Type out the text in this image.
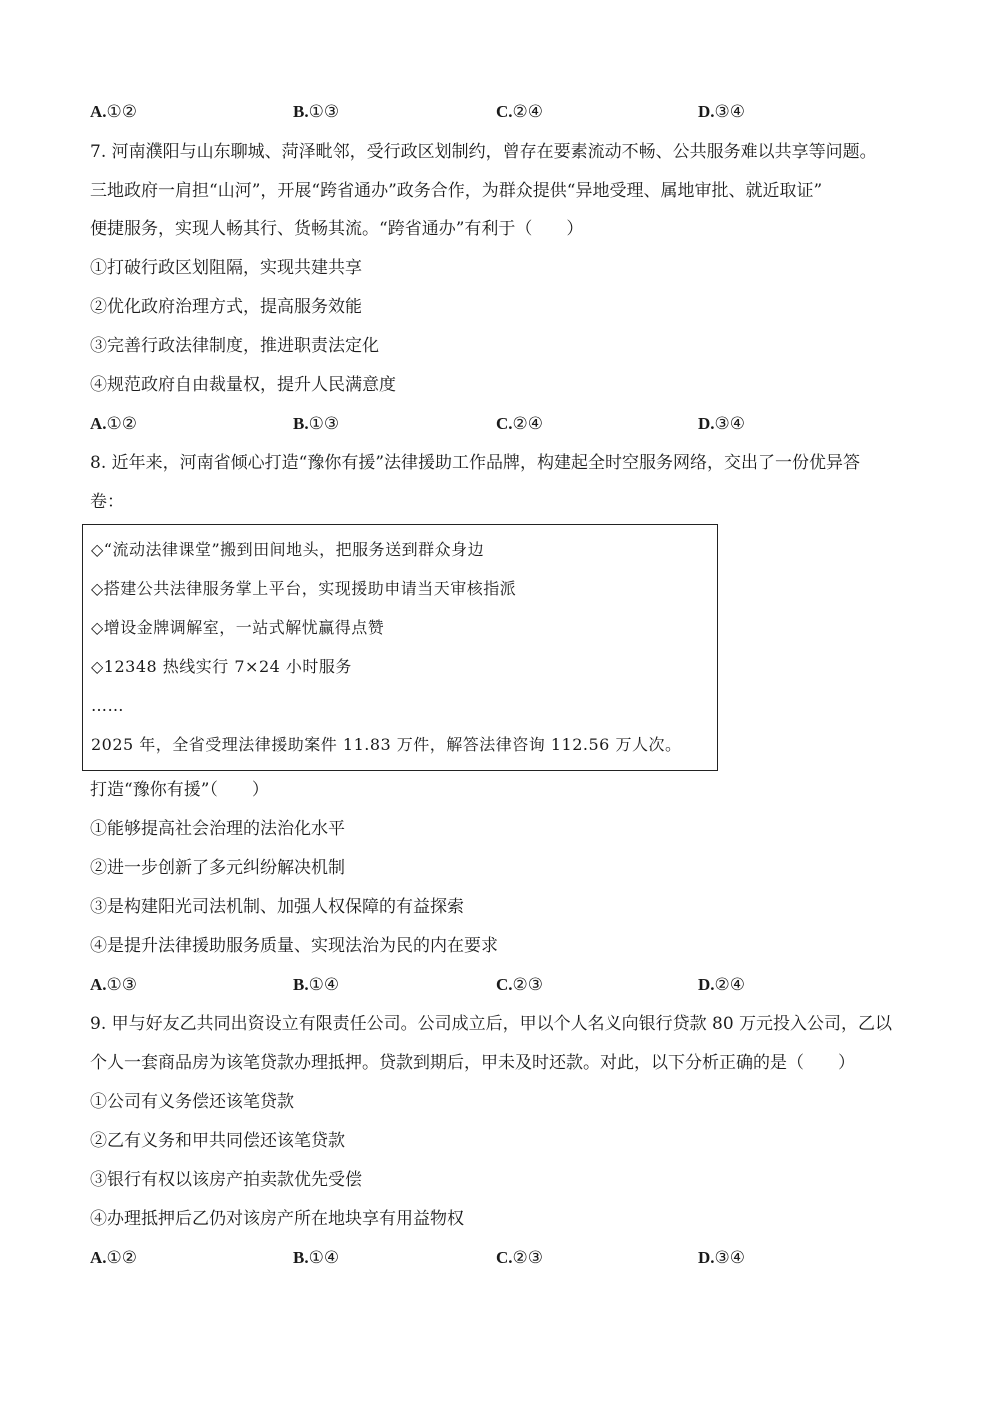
A.①②	B.①③	C.②④	D.③④
7. 河南濮阳与山东聊城、菏泽毗邻，受行政区划制约，曾存在要素流动不畅、公共服务难以共享等问题。
三地政府一肩担“山河”，开展“跨省通办”政务合作，为群众提供“异地受理、属地审批、就近取证”
便捷服务，实现人畅其行、货畅其流。“跨省通办”有利于（　　）
①打破行政区划阻隔，实现共建共享
②优化政府治理方式，提高服务效能
③完善行政法律制度，推进职责法定化
④规范政府自由裁量权，提升人民满意度
A.①②	B.①③	C.②④	D.③④
8. 近年来，河南省倾心打造“豫你有援”法律援助工作品牌，构建起全时空服务网络，交出了一份优异答
卷：
◇“流动法律课堂”搬到田间地头，把服务送到群众身边
◇搭建公共法律服务掌上平台，实现援助申请当天审核指派
◇增设金牌调解室，一站式解忧赢得点赞
◇12348 热线实行 7×24 小时服务
……
2025 年，全省受理法律援助案件 11.83 万件，解答法律咨询 112.56 万人次。
打造“豫你有援”（　　）
①能够提高社会治理的法治化水平
②进一步创新了多元纠纷解决机制
③是构建阳光司法机制、加强人权保障的有益探索
④是提升法律援助服务质量、实现法治为民的内在要求
A.①③	B.①④	C.②③	D.②④
9. 甲与好友乙共同出资设立有限责任公司。公司成立后，甲以个人名义向银行贷款 80 万元投入公司，乙以
个人一套商品房为该笔贷款办理抵押。贷款到期后，甲未及时还款。对此，以下分析正确的是（　　）
①公司有义务偿还该笔贷款
②乙有义务和甲共同偿还该笔贷款
③银行有权以该房产拍卖款优先受偿
④办理抵押后乙仍对该房产所在地块享有用益物权
A.①②	B.①④	C.②③	D.③④
